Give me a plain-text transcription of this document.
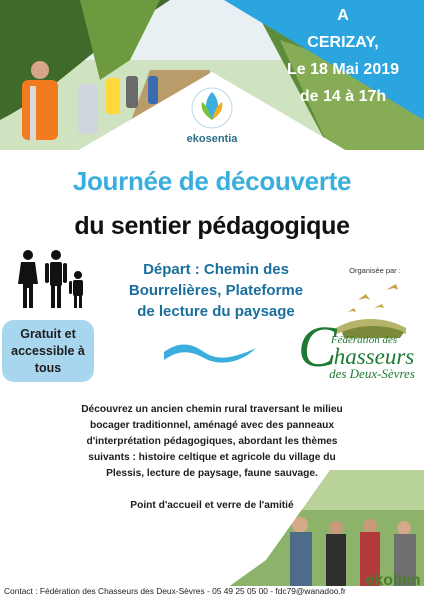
A
CERIZAY,
Le 18 Mai 2019
de 14 à 17h
ekosentia
Journée de découverte
du sentier pédagogique
Départ : Chemin des
Bourrelières, Plateforme
de lecture du paysage
Organisée par :
C
Fédération des
hasseurs
des Deux-Sèvres
Gratuit et
accessible à
tous
Découvrez un ancien chemin rural traversant le milieu
bocager traditionnel, aménagé avec des panneaux
d'interprétation pédagogiques, abordant les thèmes
suivants : histoire celtique et agricole du village du
Plessis, lecture de paysage, faune sauvage.
Point d'accueil et verre de l'amitié
Contact : Fédération des Chasseurs des Deux-Sèvres - 05 49 25 05 00 - fdc79@wanadoo.fr
ekolien
